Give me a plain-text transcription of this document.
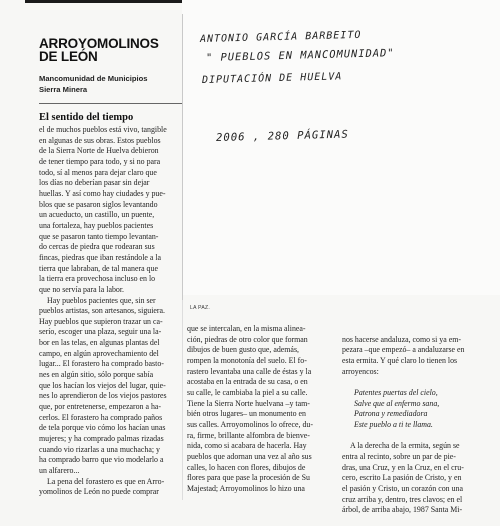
ARROYOMOLINOS
DE LEÓN
Mancomunidad de Municipios
Sierra Minera
El sentido del tiempo

el de muchos pueblos está vivo, tangible
en algunas de sus obras. Estos pueblos
de la Sierra Norte de Huelva debieron
de tener tiempo para todo, y si no para
todo, sí al menos para dejar claro que
los días no deberían pasar sin dejar
huellas. Y así como hay ciudades y pue-
blos que se pasaron siglos levantando
un acueducto, un castillo, un puente,
una fortaleza, hay pueblos pacientes
que se pasaron tanto tiempo levantan-
do cercas de piedra que rodearan sus
fincas, piedras que iban restándole a la
tierra que labraban, de tal manera que
la tierra era provechosa incluso en lo
que no servía para la labor.

Hay pueblos pacientes que, sin ser
pueblos artistas, son artesanos, siguiera.
Hay pueblos que supieron trazar un ca-
serío, escoger una plaza, seguir una la-
bor en las telas, en algunas plantas del
campo, en algún aprovechamiento del
lugar... El forastero ha comprado basto-
nes en algún sitio, sólo porque sabía
que los hacían los viejos del lugar, quie-
nes lo aprendieron de los viejos pastores
que, por entretenerse, empezaron a ha-
cerlos. El forastero ha comprado paños
de tela porque vio cómo los hacían unas
mujeres; y ha comprado palmas rizadas
cuando vio rizarlas a una muchacha; y
ha comprado barro que vio modelarlo a
un alfarero...

La pena del forastero es que en Arro-
yomolinos de León no puede comprar

ANTONIO GARCÍA BARBEITO
" PUEBLOS EN MANCOMUNIDAD"
DIPUTACIÓN DE HUELVA
2006 , 280 PÁGINAS
LA PAZ.
que se intercalan, en la misma alinea-
ción, piedras de otro color que forman
dibujos de buen gusto que, además,
rompen la monotonía del suelo. El fo-
rastero levantaba una calle de éstas y la
acostaba en la entrada de su casa, o en
su calle, le cambiaba la piel a su calle.
Tiene la Sierra Norte huelvana –y tam-
bién otros lugares– un monumento en
sus calles. Arroyomolinos lo ofrece, du-
ra, firme, brillante alfombra de bienve-
nida, como si acabara de hacerla. Hay
pueblos que adornan una vez al año sus
calles, lo hacen con flores, dibujos de
flores para que pase la procesión de Su
Majestad; Arroyomolinos lo hizo una

nos hacerse andaluza, como si ya em-
pezara –que empezó– a andaluzarse en
esta ermita. Y qué claro lo tienen los
arroyencos:

Patentes puertas del cielo,
Salve que al enfermo sana,
Patrona y remediadora
Este pueblo a ti te llama.

A la derecha de la ermita, según se
entra al recinto, sobre un par de pie-
dras, una Cruz, y en la Cruz, en el cru-
cero, escrito La pasión de Cristo, y en
el pasión y Cristo, un corazón con una
cruz arriba y, dentro, tres clavos; en el
árbol, de arriba abajo, 1987 Santa Mi-
